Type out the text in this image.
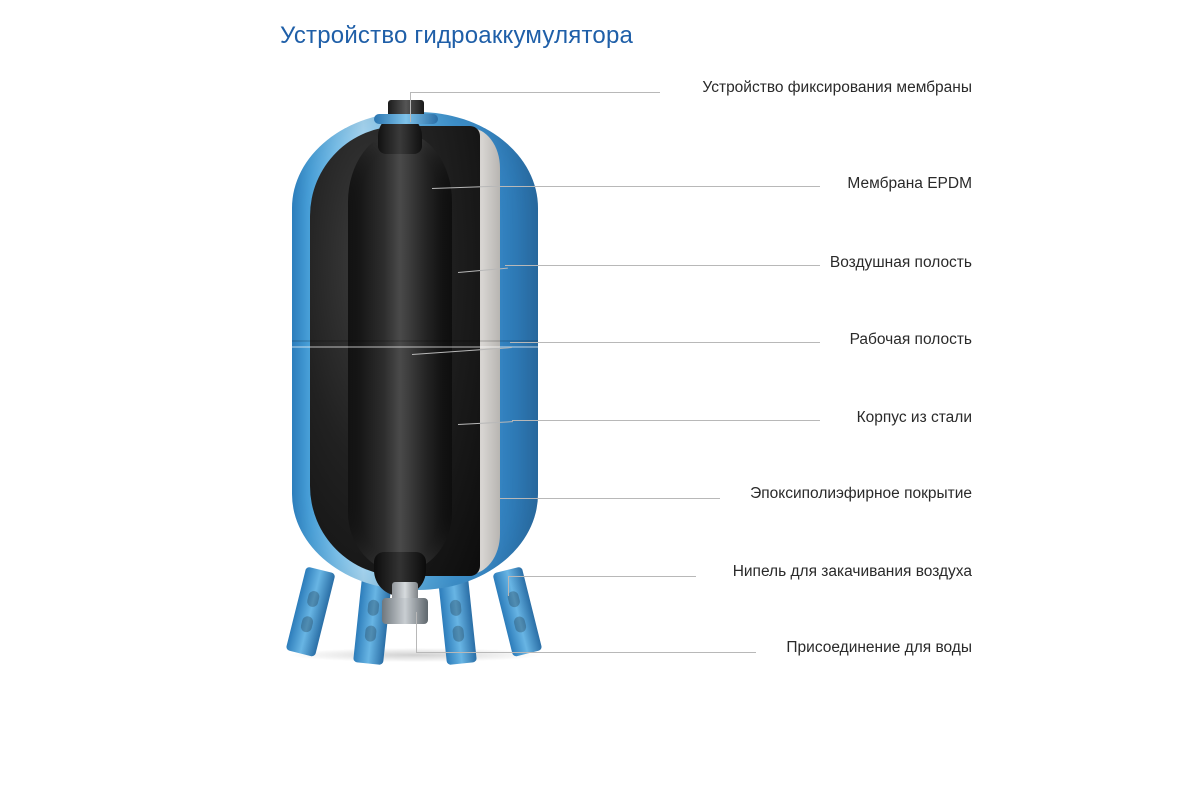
Устройство гидроаккумулятора
Устройство фиксирования мембраны
Мембрана EPDM
Воздушная полость
Рабочая полость
Корпус из стали
Эпоксиполиэфирное покрытие
Нипель для закачивания воздуха
Присоединение для воды
